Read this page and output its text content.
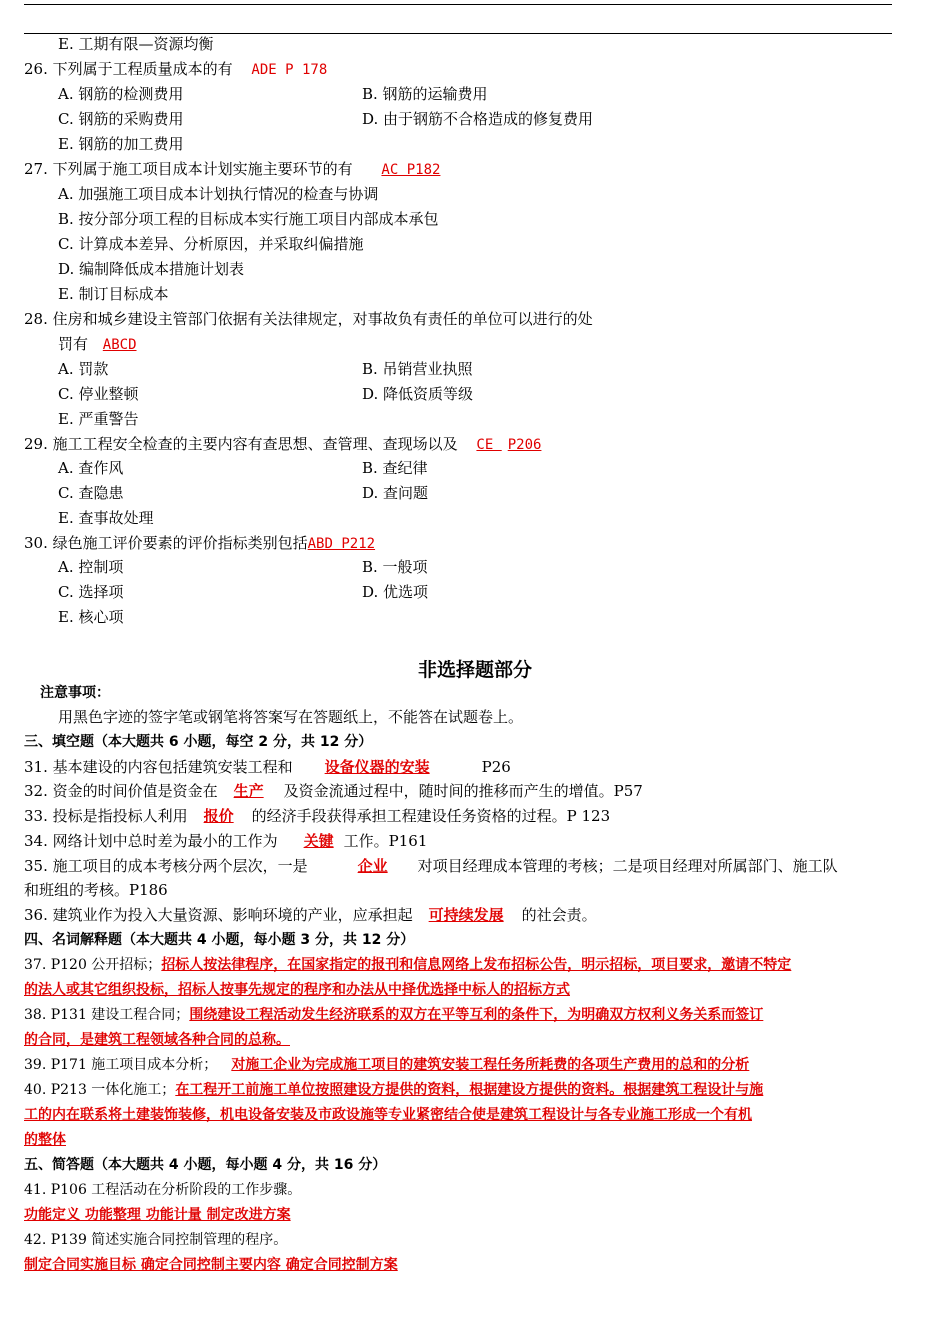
E. 工期有限—资源均衡
26. 下列属于工程质量成本的有 ADE P 178
A. 钢筋的检测费用	B. 钢筋的运输费用
C. 钢筋的采购费用	D. 由于钢筋不合格造成的修复费用
E. 钢筋的加工费用
27. 下列属于施工项目成本计划实施主要环节的有 AC P182
A. 加强施工项目成本计划执行情况的检查与协调
B. 按分部分项工程的目标成本实行施工项目内部成本承包
C. 计算成本差异、分析原因，并采取纠偏措施
D. 编制降低成本措施计划表
E. 制订目标成本
28. 住房和城乡建设主管部门依据有关法律规定，对事故负有责任的单位可以进行的处
罚有 ABCD
A. 罚款	B. 吊销营业执照
C. 停业整顿	D. 降低资质等级
E. 严重警告
29. 施工工程安全检查的主要内容有查思想、查管理、查现场以及 CE P206
A. 查作风	B. 查纪律
C. 查隐患	D. 查问题
E. 查事故处理
30. 绿色施工评价要素的评价指标类别包括ABD P212
A. 控制项	B. 一般项
C. 选择项	D. 优选项
E. 核心项
非选择题部分
注意事项：
用黑色字迹的签字笔或钢笔将答案写在答题纸上，不能答在试题卷上。
三、填空题（本大题共 6 小题，每空 2 分，共 12 分）
31. 基本建设的内容包括建筑安装工程和 设备仪器的安装	P26
32. 资金的时间价值是资金在 生产 及资金流通过程中，随时间的推移而产生的增值。P57
33. 投标是指投标人利用 报价 的经济手段获得承担工程建设任务资格的过程。P 123
34. 网络计划中总时差为最小的工作为 关键 工作。P161
35. 施工项目的成本考核分两个层次，一是	企业 对项目经理成本管理的考核；二是项目经理对所属部门、施工队
和班组的考核。P186
36. 建筑业作为投入大量资源、影响环境的产业，应承担起 可持续发展 的社会责。
四、名词解释题（本大题共 4 小题，每小题 3 分，共 12 分）
37. P120 公开招标；招标人按法律程序，在国家指定的报刊和信息网络上发布招标公告，明示招标，项目要求，邀请不特定
的法人或其它组织投标，招标人按事先规定的程序和办法从中择优选择中标人的招标方式
38. P131 建设工程合同；围绕建设工程活动发生经济联系的双方在平等互利的条件下，为明确双方权利义务关系而签订
的合同，是建筑工程领域各种合同的总称。
39. P171 施工项目成本分析； 对施工企业为完成施工项目的建筑安装工程任务所耗费的各项生产费用的总和的分析
40. P213 一体化施工；在工程开工前施工单位按照建设方提供的资料，根据建设方提供的资料。根据建筑工程设计与施
工的内在联系将土建装饰装修，机电设备安装及市政设施等专业紧密结合使是建筑工程设计与各专业施工形成一个有机
的整体
五、简答题（本大题共 4 小题，每小题 4 分，共 16 分）
41. P106 工程活动在分析阶段的工作步骤。
功能定义 功能整理 功能计量 制定改进方案
42. P139 简述实施合同控制管理的程序。
制定合同实施目标 确定合同控制主要内容 确定合同控制方案
